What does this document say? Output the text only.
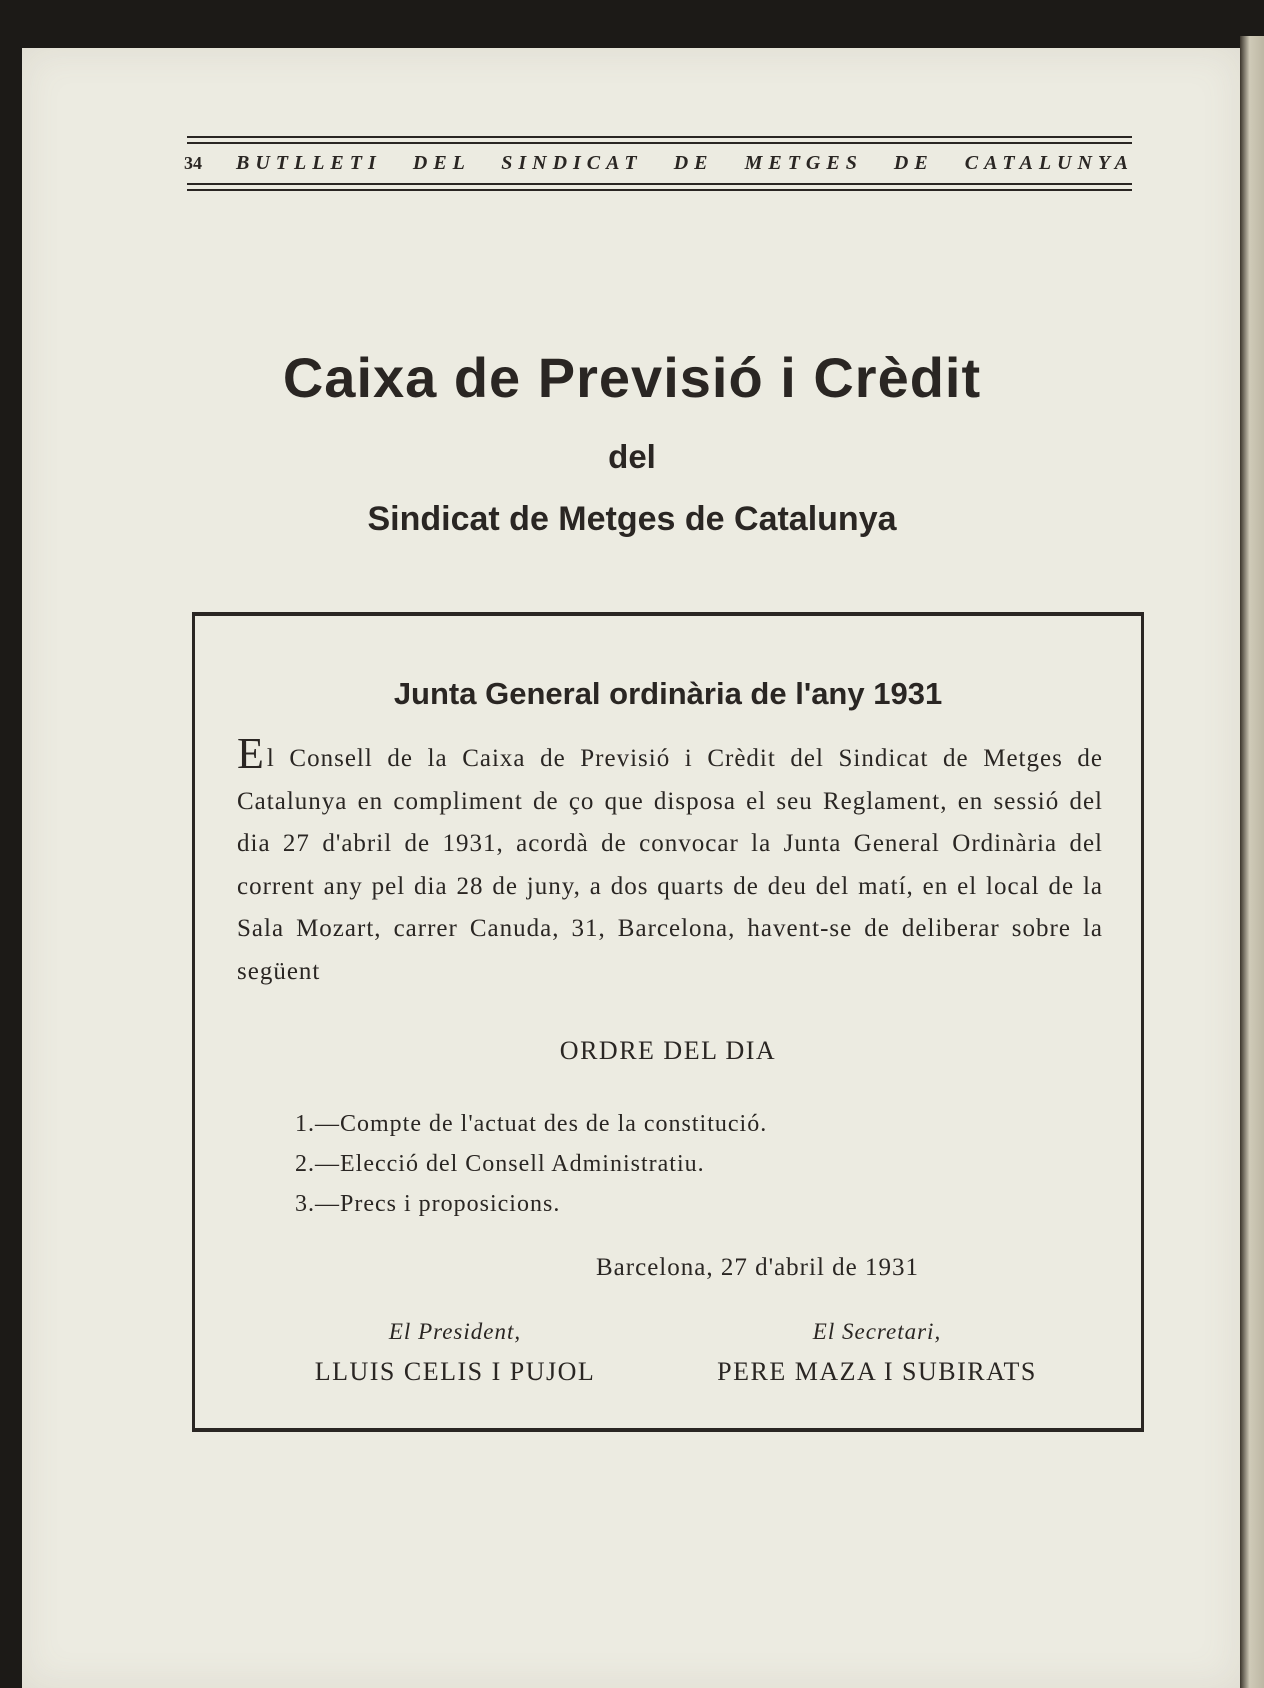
34	BUTLLETI DEL SINDICAT DE METGES DE CATALUNYA
Caixa de Previsió i Crèdit
del
Sindicat de Metges de Catalunya
Junta General ordinària de l'any 1931
El Consell de la Caixa de Previsió i Crèdit del Sindicat de Metges de Catalunya en compliment de ço que disposa el seu Reglament, en sessió del dia 27 d'abril de 1931, acordà de convocar la Junta General Ordinària del corrent any pel dia 28 de juny, a dos quarts de deu del matí, en el local de la Sala Mozart, carrer Canuda, 31, Barcelona, havent-se de deliberar sobre la següent
ORDRE DEL DIA
1.—Compte de l'actuat des de la constitució.
2.—Elecció del Consell Administratiu.
3.—Precs i proposicions.
Barcelona, 27 d'abril de 1931
El President,
LLUIS CELIS I PUJOL
El Secretari,
PERE MAZA I SUBIRATS
